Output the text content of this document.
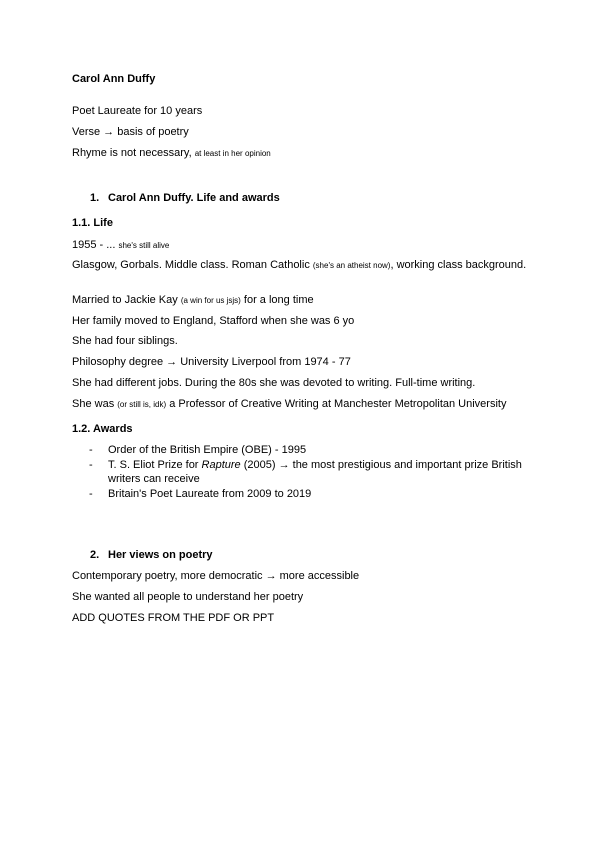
Carol Ann Duffy
Poet Laureate for 10 years
Verse → basis of poetry
Rhyme is not necessary, at least in her opinion
1. Carol Ann Duffy. Life and awards
1.1. Life
1955 - ... she's still alive
Glasgow, Gorbals. Middle class. Roman Catholic (she's an atheist now), working class background.
Married to Jackie Kay (a win for us jsjs) for a long time
Her family moved to England, Stafford when she was 6 yo
She had four siblings.
Philosophy degree → University Liverpool from 1974 - 77
She had different jobs. During the 80s she was devoted to writing. Full-time writing.
She was (or still is, idk) a Professor of Creative Writing at Manchester Metropolitan University
1.2. Awards
- Order of the British Empire (OBE) - 1995
- T. S. Eliot Prize for Rapture (2005) → the most prestigious and important prize British writers can receive
- Britain's Poet Laureate from 2009 to 2019
2. Her views on poetry
Contemporary poetry, more democratic → more accessible
She wanted all people to understand her poetry
ADD QUOTES FROM THE PDF OR PPT
